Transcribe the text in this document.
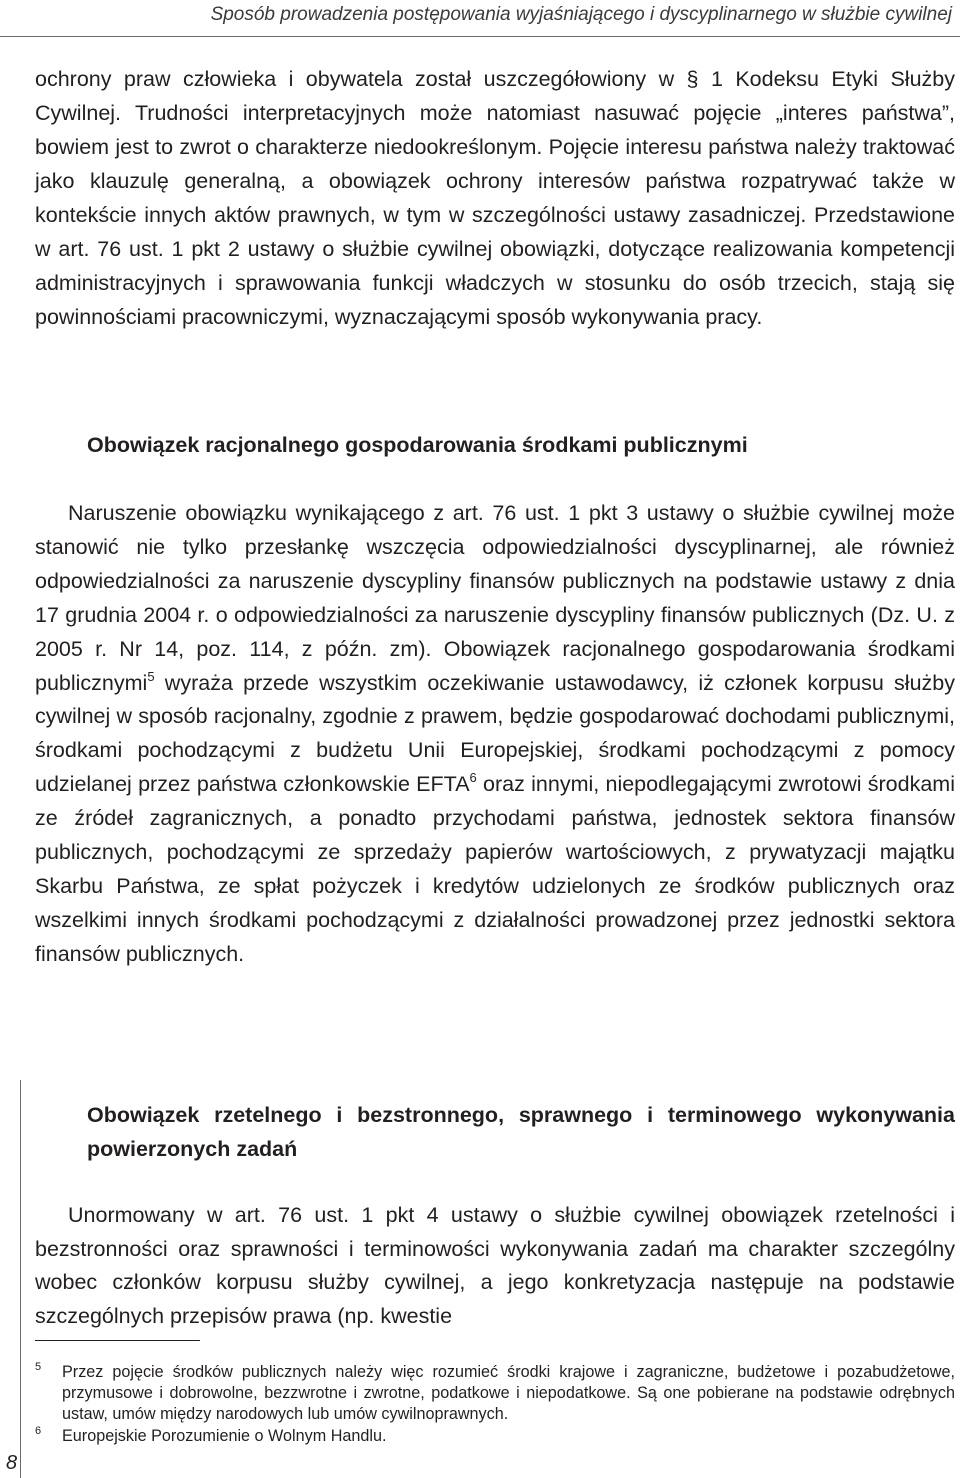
Sposób prowadzenia postępowania wyjaśniającego i dyscyplinarnego w służbie cywilnej

ochrony praw człowieka i obywatela został uszczegółowiony w § 1 Kodeksu Etyki Służby Cywilnej. Trudności interpretacyjnych może natomiast nasuwać pojęcie „interes państwa”, bowiem jest to zwrot o charakterze niedookreślonym. Pojęcie interesu państwa należy traktować jako klauzulę generalną, a obowiązek ochrony interesów państwa rozpatrywać także w kontekście innych aktów prawnych, w tym w szczególności ustawy zasadniczej. Przedstawione w art. 76 ust. 1 pkt 2 ustawy o służbie cywilnej obowiązki, dotyczące realizowania kompetencji administracyjnych i sprawowania funkcji władczych w stosunku do osób trzecich, stają się powinnościami pracowniczymi, wyznaczającymi sposób wykonywania pracy.

Obowiązek racjonalnego gospodarowania środkami publicznymi

Naruszenie obowiązku wynikającego z art. 76 ust. 1 pkt 3 ustawy o służbie cywilnej może stanowić nie tylko przesłankę wszczęcia odpowiedzialności dyscyplinarnej, ale również odpowiedzialności za naruszenie dyscypliny finansów publicznych na podstawie ustawy z dnia 17 grudnia 2004 r. o odpowiedzialności za naruszenie dyscypliny finansów publicznych (Dz. U. z 2005 r. Nr 14, poz. 114, z późn. zm). Obowiązek racjonalnego gospodarowania środkami publicznymi$^5$ wyraża przede wszystkim oczekiwanie ustawodawcy, iż członek korpusu służby cywilnej w sposób racjonalny, zgodnie z prawem, będzie gospodarować dochodami publicznymi, środkami pochodzącymi z budżetu Unii Europejskiej, środkami pochodzącymi z pomocy udzielanej przez państwa członkowskie EFTA$^6$ oraz innymi, niepodlegającymi zwrotowi środkami ze źródeł zagranicznych, a ponadto przychodami państwa, jednostek sektora finansów publicznych, pochodzącymi ze sprzedaży papierów wartościowych, z prywatyzacji majątku Skarbu Państwa, ze spłat pożyczek i kredytów udzielonych ze środków publicznych oraz wszelkimi innych środkami pochodzącymi z działalności prowadzonej przez jednostki sektora finansów publicznych.

Obowiązek rzetelnego i bezstronnego, sprawnego i terminowego wykonywania powierzonych zadań

Unormowany w art. 76 ust. 1 pkt 4 ustawy o służbie cywilnej obowiązek rzetelności i bezstronności oraz sprawności i terminowości wykonywania zadań ma charakter szczególny wobec członków korpusu służby cywilnej, a jego konkretyzacja następuje na podstawie szczególnych przepisów prawa (np. kwestie

5 Przez pojęcie środków publicznych należy więc rozumieć środki krajowe i zagraniczne, budżetowe i pozabudżetowe, przymusowe i dobrowolne, bezzwrotne i zwrotne, podatkowe i niepodatkowe. Są one pobierane na podstawie odrębnych ustaw, umów między narodowych lub umów cywilnoprawnych.
6 Europejskie Porozumienie o Wolnym Handlu.
8
